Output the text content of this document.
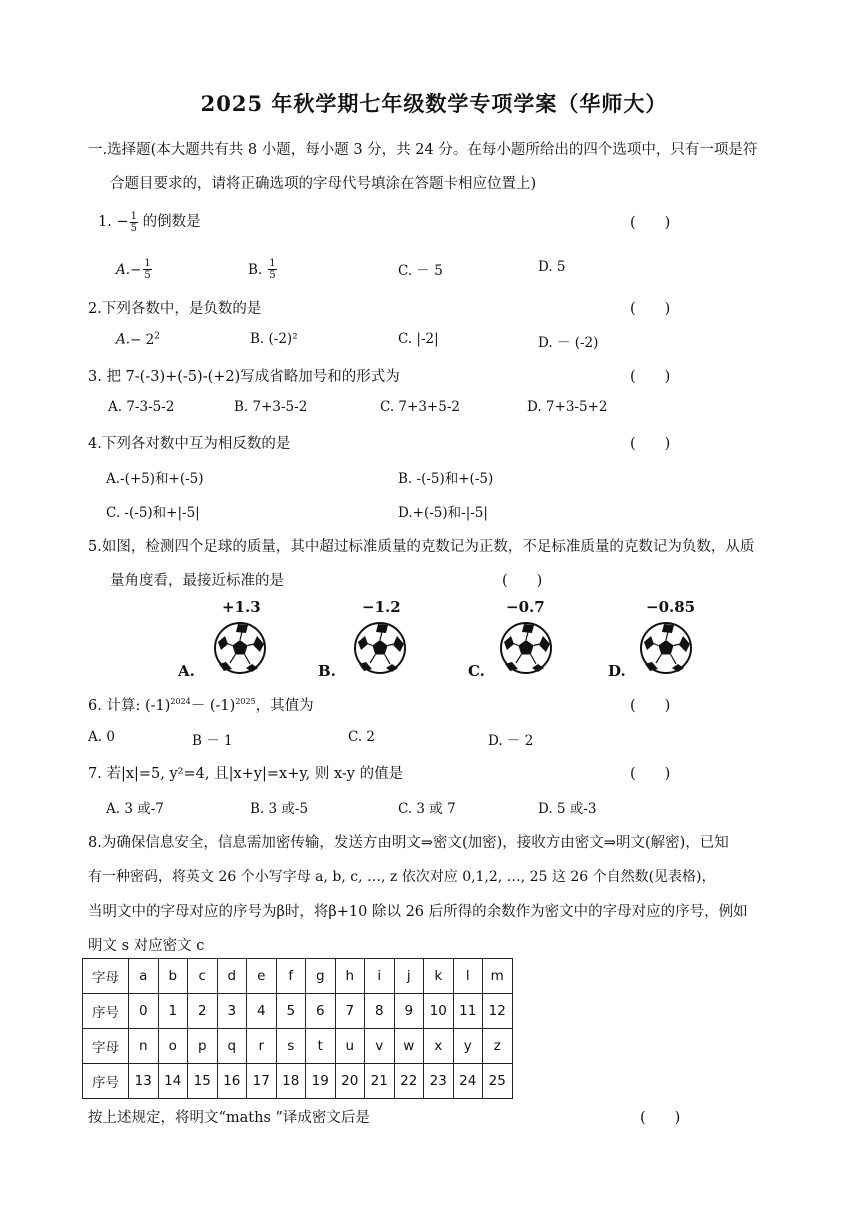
2025 年秋学期七年级数学专项学案（华师大）
一.选择题(本大题共有共 8 小题，每小题 3 分，共 24 分。在每小题所给出的四个选项中，只有一项是符
合题目要求的，请将正确选项的字母代号填涂在答题卡相应位置上)
1. − 1
5 的倒数是	(　　)
A. − $\frac{1}{5}$	B. 1
5	C. － 5	D. 5
2.下列各数中，是负数的是	(　　)
$A.- 2^2$	B. (-2)²	C. |-2|	D. － (-2)
3. 把 7-(-3)+(-5)-(+2)写成省略加号和的形式为	(　　)
A. 7-3-5-2	B. 7+3-5-2	C. 7+3+5-2	D. 7+3-5+2
4.下列各对数中互为相反数的是	(　　)
A.-(+5)和+(-5)	B. -(-5)和+(-5)
C. -(-5)和+|-5|	D.+(-5)和-|-5|
5.如图，检测四个足球的质量，其中超过标准质量的克数记为正数，不足标准质量的克数记为负数，从质
量角度看，最接近标准的是	(　　)
+1.3
A.
−1.2
B.
−0.7
C.
−0.85
D.
6. 计算: $(-1)^{2024}- (-1)^{2025}$，其值为	(　　)
A. 0	B － 1	C. 2	D. － 2
7. 若|x|=5, y²=4, 且|x+y|=x+y, 则 x-y 的值是	(　　)
A. 3 或-7	B. 3 或-5	C. 3 或 7	D. 5 或-3
8.为确保信息安全，信息需加密传输，发送方由明文⇒密文(加密)，接收方由密文⇒明文(解密)，已知
有一种密码，将英文 26 个小写字母 a, b, c, …, z 依次对应 0,1,2, …, 25 这 26 个自然数(见表格)，
当明文中的字母对应的序号为β时，将β+10 除以 26 后所得的余数作为密文中的字母对应的序号，例如
明文 s 对应密文 c
字母	a	b	c	d	e	f	g	h	i	j	k	l	m
序号	0	1	2	3	4	5	6	7	8	9	10	11	12
字母	n	o	p	q	r	s	t	u	v	w	x	y	z
序号	13	14	15	16	17	18	19	20	21	22	23	24	25
按上述规定，将明文“maths ”译成密文后是	(　　)
